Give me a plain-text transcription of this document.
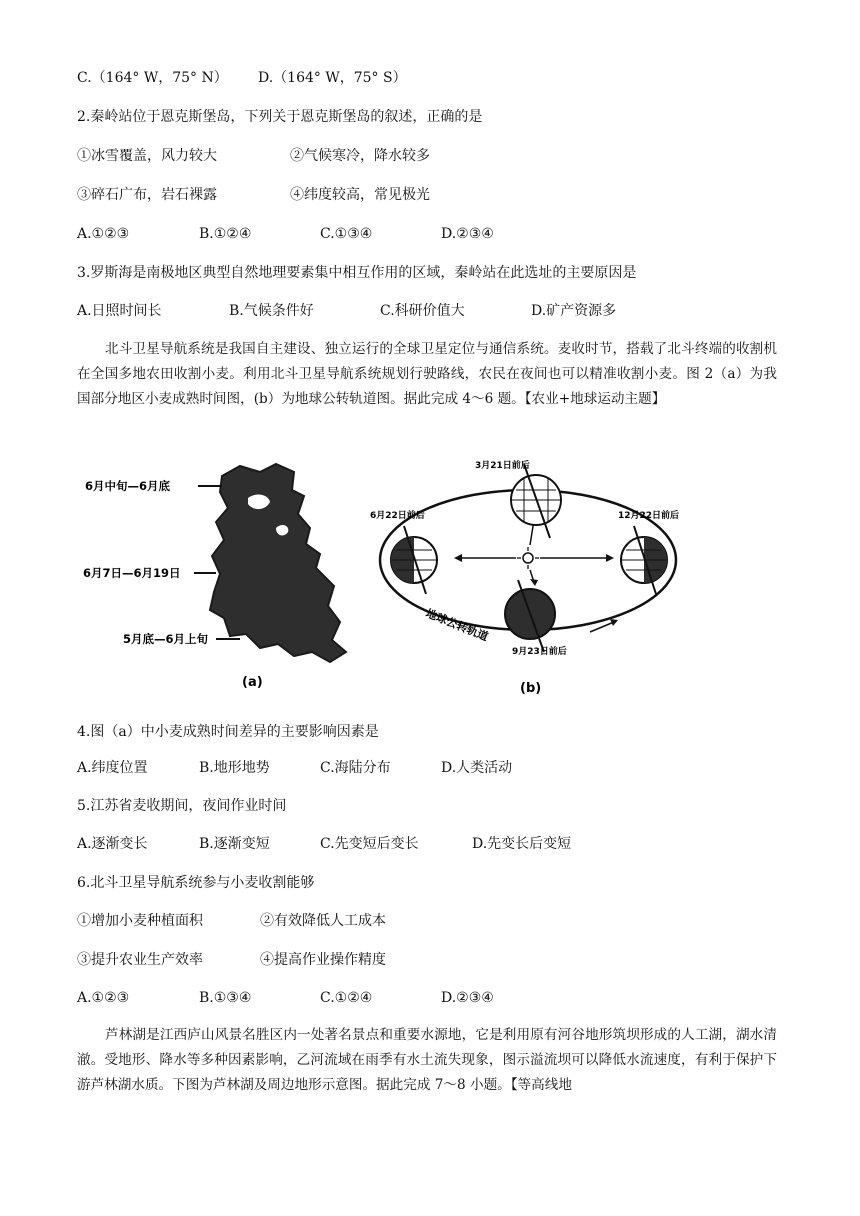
C.（164° W，75° N） D.（164° W，75° S）
2.秦岭站位于恩克斯堡岛，下列关于恩克斯堡岛的叙述，正确的是
①冰雪覆盖，风力较大	②气候寒冷，降水较多
③碎石广布，岩石裸露	④纬度较高，常见极光
A.①②③	B.①②④	C.①③④	D.②③④
3.罗斯海是南极地区典型自然地理要素集中相互作用的区域，秦岭站在此选址的主要原因是
A.日照时间长	B.气候条件好	C.科研价值大	D.矿产资源多
北斗卫星导航系统是我国自主建设、独立运行的全球卫星定位与通信系统。麦收时节，搭载了北斗终端的收割机在全国多地农田收割小麦。利用北斗卫星导航系统规划行驶路线，农民在夜间也可以精准收割小麦。图 2（a）为我国部分地区小麦成熟时间图，(b）为地球公转轨道图。据此完成 4～6 题。【农业+地球运动主题】
6月中旬—6月底
6月7日—6月19日
5月底—6月上旬
(a)
3月21日前后
6月22日前后	12月22日前后
9月23日前后
地球公转轨道
(b)
4.图（a）中小麦成熟时间差异的主要影响因素是
A.纬度位置	B.地形地势	C.海陆分布	D.人类活动
5.江苏省麦收期间，夜间作业时间
A.逐渐变长	B.逐渐变短	C.先变短后变长	D.先变长后变短
6.北斗卫星导航系统参与小麦收割能够
①增加小麦种植面积	②有效降低人工成本
③提升农业生产效率	④提高作业操作精度
A.①②③	B.①③④	C.①②④	D.②③④
芦林湖是江西庐山风景名胜区内一处著名景点和重要水源地，它是利用原有河谷地形筑坝形成的人工湖，湖水清澈。受地形、降水等多种因素影响，乙河流域在雨季有水土流失现象，图示溢流坝可以降低水流速度，有利于保护下游芦林湖水质。下图为芦林湖及周边地形示意图。据此完成 7～8 小题。【等高线地
